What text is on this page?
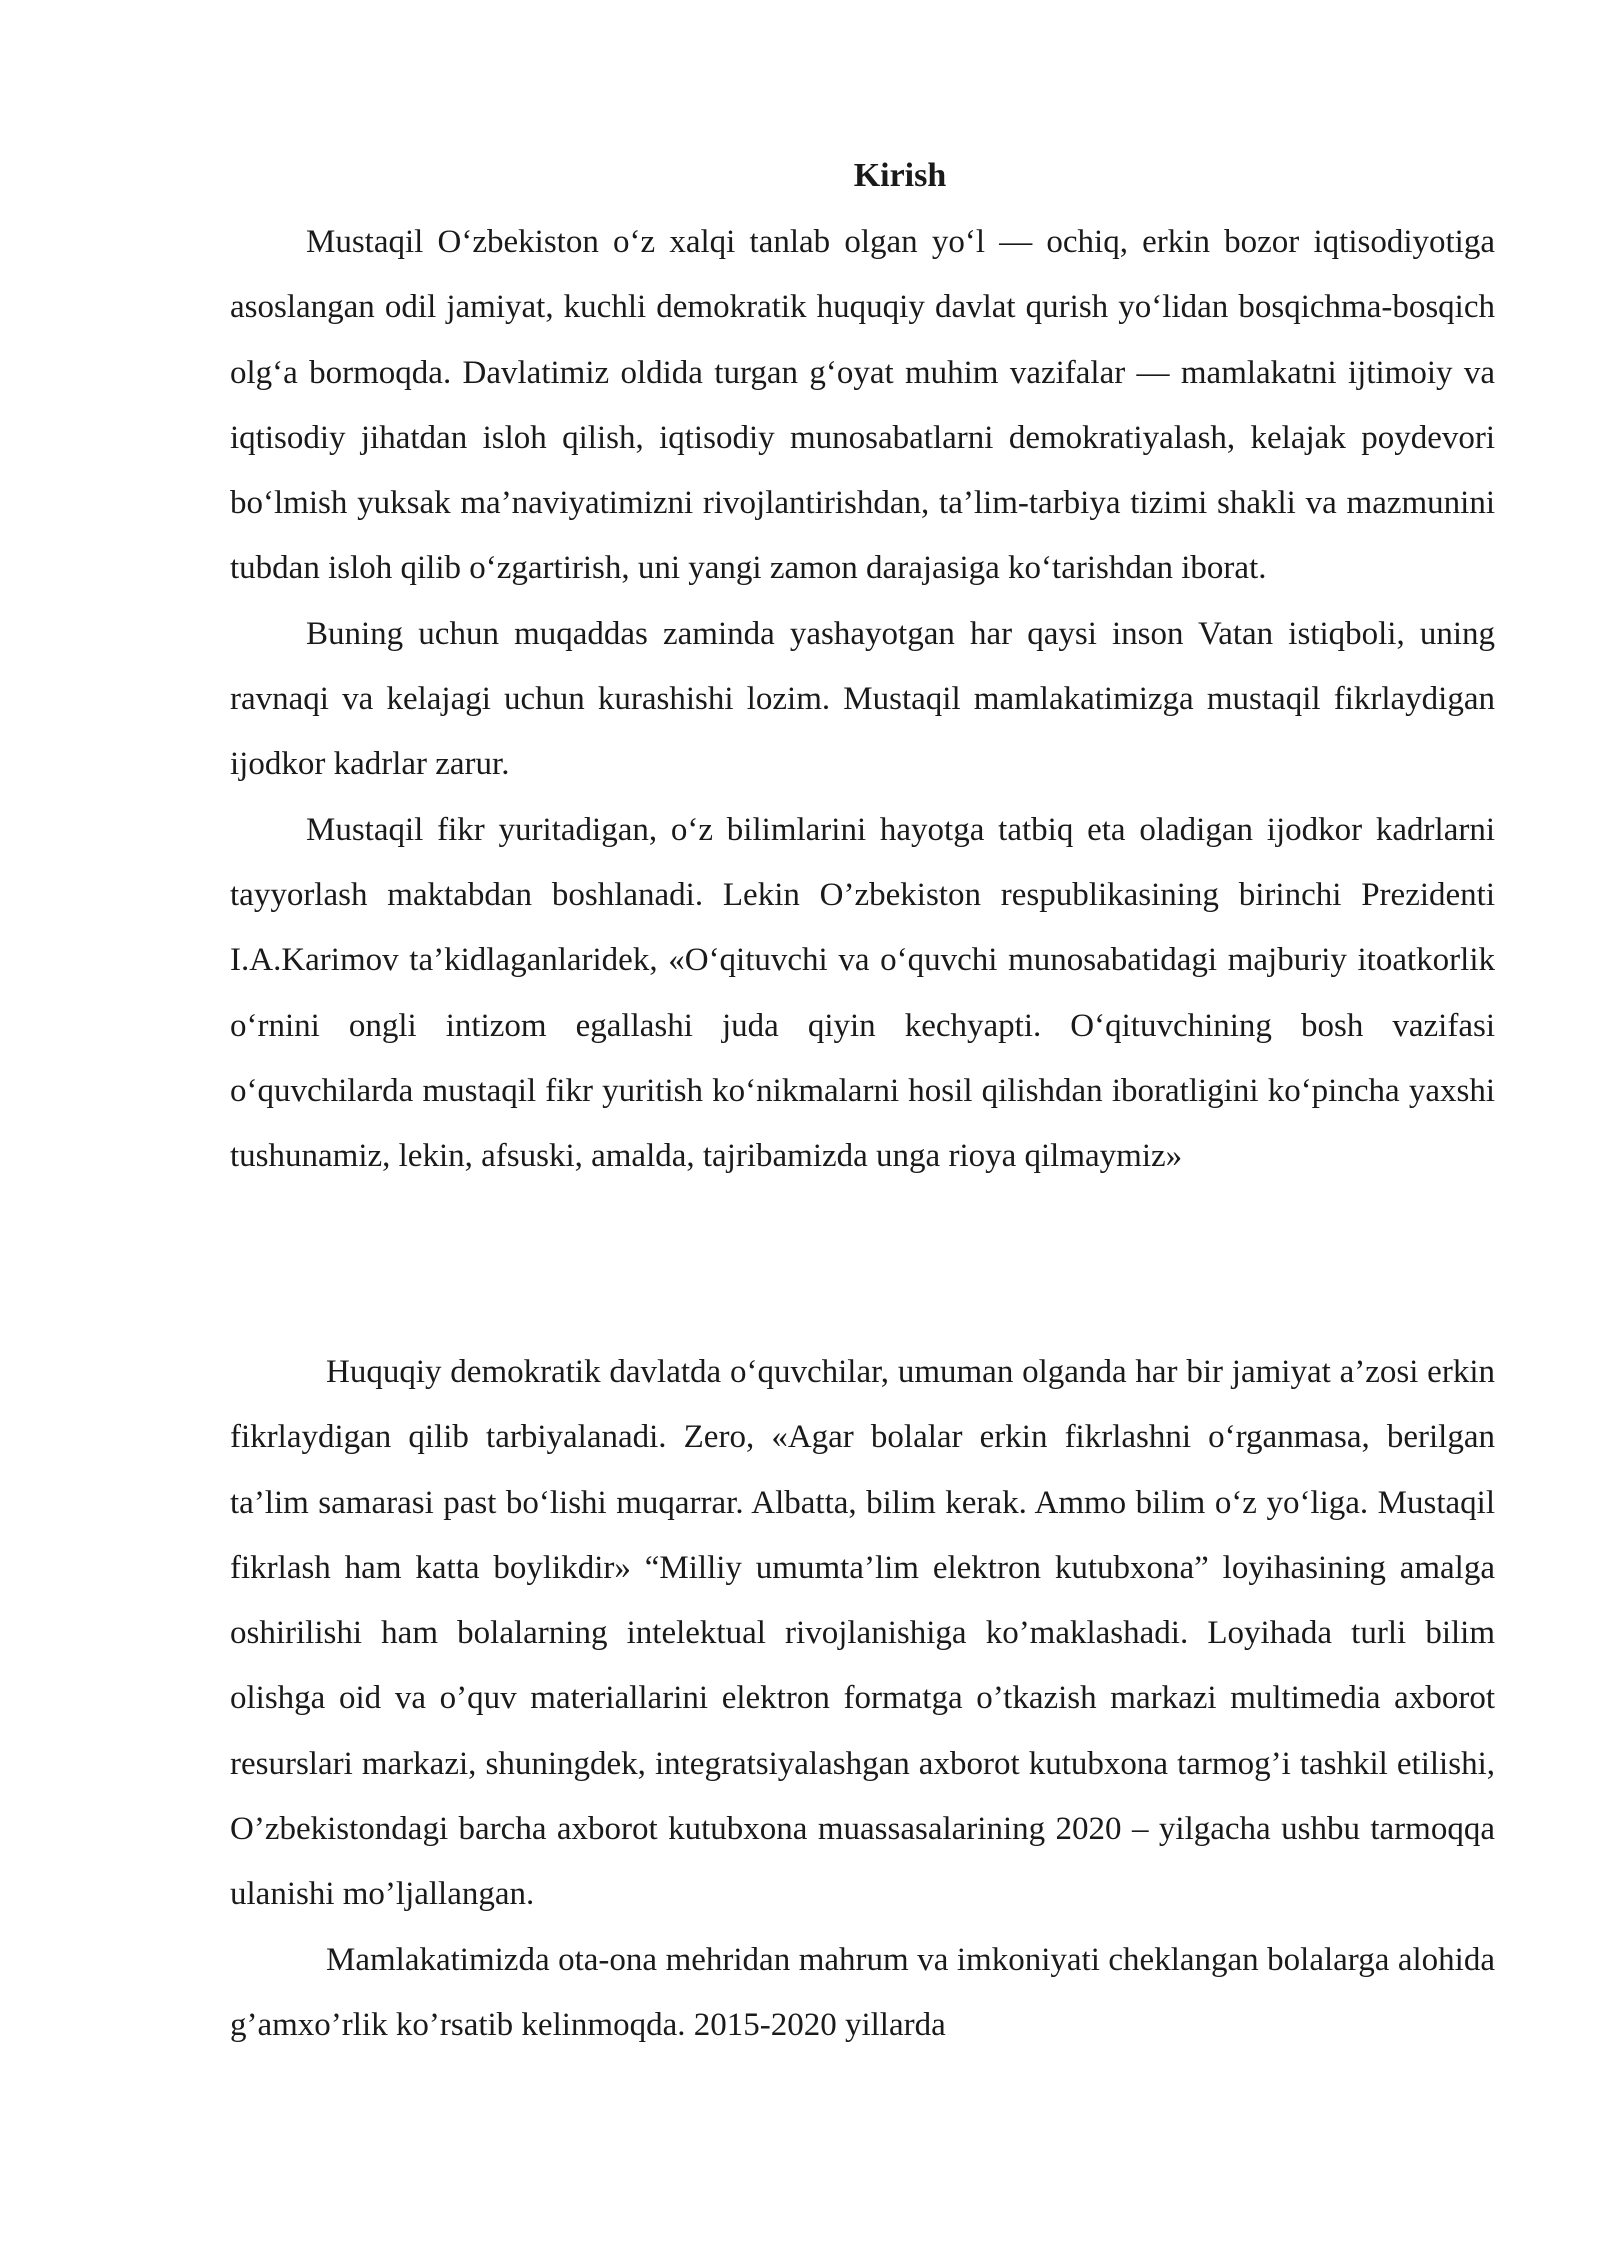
Kirish

Mustaqil O‘zbekiston o‘z xalqi tanlab olgan yo‘l — ochiq, erkin bozor iqtisodiyotiga asoslangan odil jamiyat, kuchli demokratik huquqiy davlat qurish yo‘lidan bosqichma-bosqich olg‘a bormoqda. Davlatimiz oldida turgan g‘oyat muhim vazifalar — mamlakatni ijtimoiy va iqtisodiy jihatdan isloh qilish, iqtisodiy munosabatlarni demokratiyalash, kelajak poydevori bo‘lmish yuksak ma’naviyatimizni rivojlantirishdan, ta’lim-tarbiya tizimi shakli va mazmunini tubdan isloh qilib o‘zgartirish, uni yangi zamon darajasiga ko‘tarishdan iborat.

Buning uchun muqaddas zaminda yashayotgan har qaysi inson Vatan istiqboli, uning ravnaqi va kelajagi uchun kurashishi lozim. Mustaqil mamlakatimizga mustaqil fikrlaydigan ijodkor kadrlar zarur.

Mustaqil fikr yuritadigan, o‘z bilimlarini hayotga tatbiq eta oladigan ijodkor kadrlarni tayyorlash maktabdan boshlanadi. Lekin O’zbekiston respublikasining birinchi Prezidenti I.A.Karimov ta’kidlaganlaridek, «O‘qituvchi va o‘quvchi munosabatidagi majburiy itoatkorlik o‘rnini ongli intizom egallashi juda qiyin kechyapti. O‘qituvchining bosh vazifasi o‘quvchilarda mustaqil fikr yuritish ko‘nikmalarni hosil qilishdan iboratligini ko‘pincha yaxshi tushunamiz, lekin, afsuski, amalda, tajribamizda unga rioya qilmaymiz»

Huquqiy demokratik davlatda o‘quvchilar, umuman olganda har bir jamiyat a’zosi erkin fikrlaydigan qilib tarbiyalanadi. Zero, «Agar bolalar erkin fikrlashni o‘rganmasa, berilgan ta’lim samarasi past bo‘lishi muqarrar. Albatta, bilim kerak. Ammo bilim o‘z yo‘liga. Mustaqil fikrlash ham katta boylikdir» “Milliy umumta’lim elektron kutubxona” loyihasining amalga oshirilishi ham bolalarning intelektual rivojlanishiga ko’maklashadi. Loyihada turli bilim olishga oid va o’quv materiallarini elektron formatga o’tkazish markazi multimedia axborot resurslari markazi, shuningdek, integratsiyalashgan axborot kutubxona tarmog’i tashkil etilishi, O’zbekistondagi barcha axborot kutubxona muassasalarining 2020 – yilgacha ushbu tarmoqqa ulanishi mo’ljallangan.

Mamlakatimizda ota-ona mehridan mahrum va imkoniyati cheklangan bolalarga alohida g’amxo’rlik ko’rsatib kelinmoqda. 2015-2020 yillarda
